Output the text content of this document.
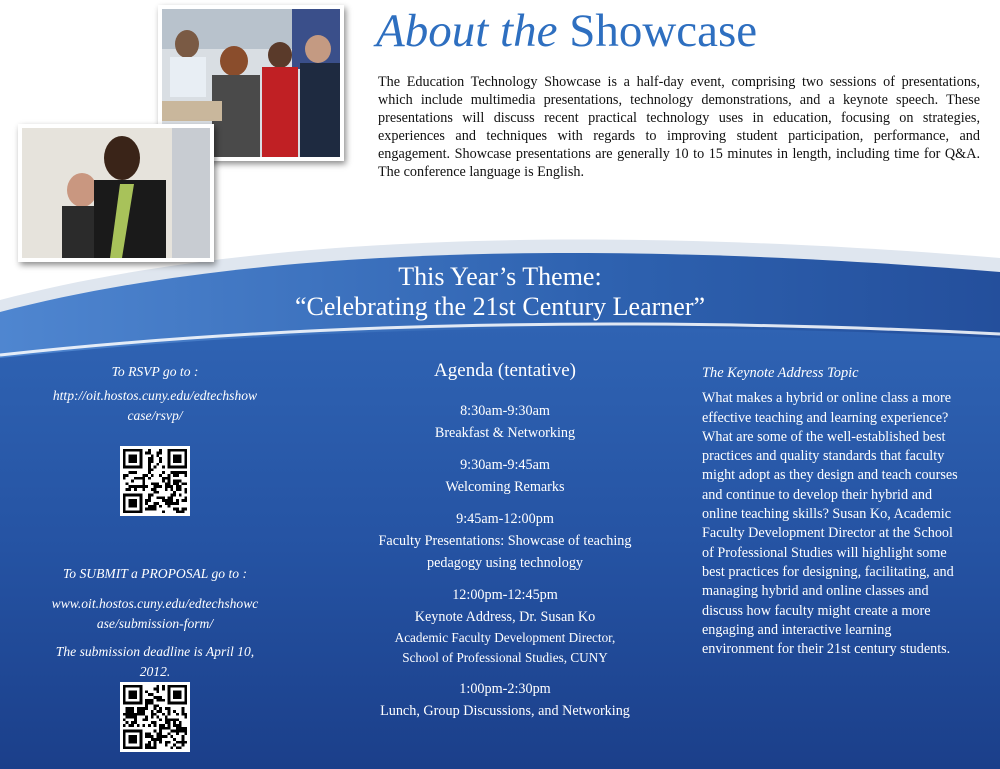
About the Showcase

The Education Technology Showcase is a half-day event, comprising two sessions of presentations, which include multimedia presentations, technology demonstrations, and a keynote speech. These presentations will discuss recent practical technology uses in education, focusing on strategies, experiences and techniques with regards to improving student participation, performance, and engagement. Showcase presentations are generally 10 to 15 minutes in length, including time for Q&A. The conference language is English.

This Year’s Theme:
“Celebrating the 21st Century Learner”

To RSVP go to :

http://oit.hostos.cuny.edu/edtechshow
case/rsvp/

To SUBMIT a PROPOSAL go to :

www.oit.hostos.cuny.edu/edtechshowc
ase/submission-form/

The submission deadline is April 10,
2012.

Agenda (tentative)

8:30am-9:30am
Breakfast & Networking
9:30am-9:45am
Welcoming Remarks
9:45am-12:00pm
Faculty Presentations: Showcase of teaching
pedagogy using technology
12:00pm-12:45pm
Keynote Address, Dr. Susan Ko
Academic Faculty Development Director,
School of Professional Studies, CUNY
1:00pm-2:30pm
Lunch, Group Discussions, and Networking

The Keynote Address Topic

What makes a hybrid or online class a more effective teaching and learning experience? What are some of the well-established best practices and quality standards that faculty might adopt as they design and teach courses and continue to develop their hybrid and online teaching skills? Susan Ko, Academic Faculty Development Director at the School of Professional Studies will highlight some best practices for designing, facilitating, and managing hybrid and online classes and discuss how faculty might create a more engaging and interactive learning environment for their 21st century students.
